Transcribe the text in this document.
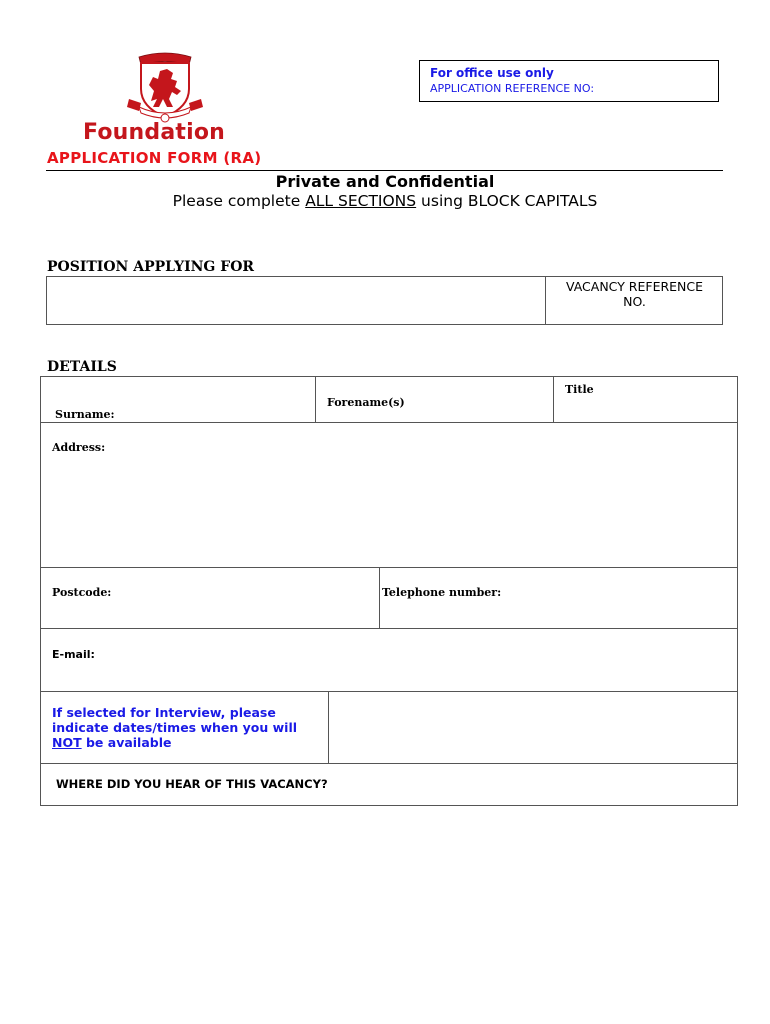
For office use only
APPLICATION REFERENCE NO:
Foundation
APPLICATION FORM (RA)
Private and Confidential
Please complete ALL SECTIONS using BLOCK CAPITALS
POSITION APPLYING FOR
VACANCY REFERENCE
NO.
DETAILS
Surname:
Forename(s)
Title
Address:
Postcode:	Telephone number:
E-mail:
If selected for Interview, please
indicate dates/times when you will
NOT be available
WHERE DID YOU HEAR OF THIS VACANCY?
